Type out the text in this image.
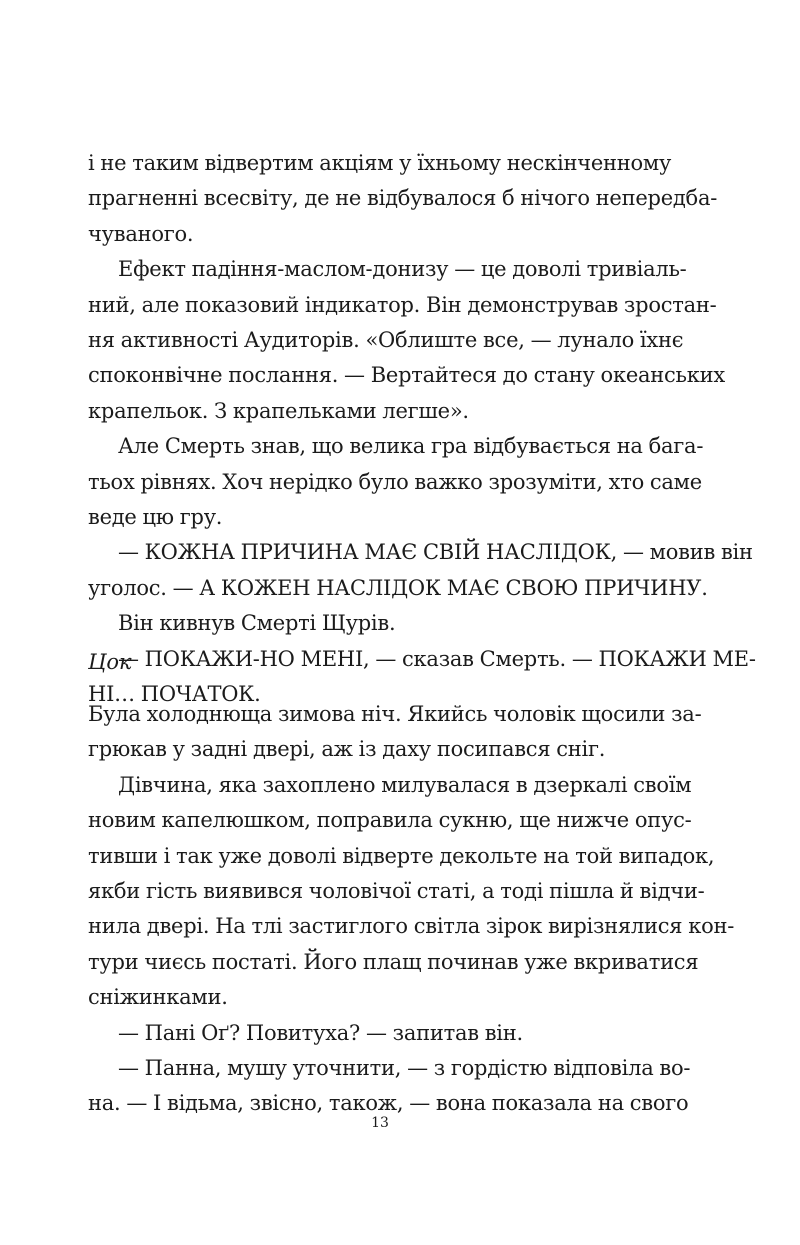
і не таким відвертим акціям у їхньому нескінченному
прагненні всесвіту, де не відбувалося б нічого непередба-
чуваного.
Ефект падіння-маслом-донизу — це доволі тривіаль-
ний, але показовий індикатор. Він демонстрував зростан-
ня активності Аудиторів. «Облиште все, — лунало їхнє
споконвічне послання. — Вертайтеся до стану океанських
крапельок. З крапельками легше».
Але Смерть знав, що велика гра відбувається на бага-
тьох рівнях. Хоч нерідко було важко зрозуміти, хто саме
веде цю гру.
— КОЖНА ПРИЧИНА МАЄ СВІЙ НАСЛІДОК, — мовив він
уголос. — А КОЖЕН НАСЛІДОК МАЄ СВОЮ ПРИЧИНУ.
Він кивнув Смерті Щурів.
— ПОКАЖИ-НО МЕНІ, — сказав Смерть. — ПОКАЖИ МЕ-
НІ… ПОЧАТОК.
Цок
Була холоднюща зимова ніч. Якийсь чоловік щосили за-
грюкав у задні двері, аж із даху посипався сніг.
Дівчина, яка захоплено милувалася в дзеркалі своїм
новим капелюшком, поправила сукню, ще нижче опус-
тивши і так уже доволі відверте декольте на той випадок,
якби гість виявився чоловічої статі, а тоді пішла й відчи-
нила двері. На тлі застиглого світла зірок вирізнялися кон-
тури чиєсь постаті. Його плащ починав уже вкриватися
сніжинками.
— Пані Оґ? Повитуха? — запитав він.
— Панна, мушу уточнити, — з гордістю відповіла во-
на. — І відьма, звісно, також, — вона показала на свого
13
